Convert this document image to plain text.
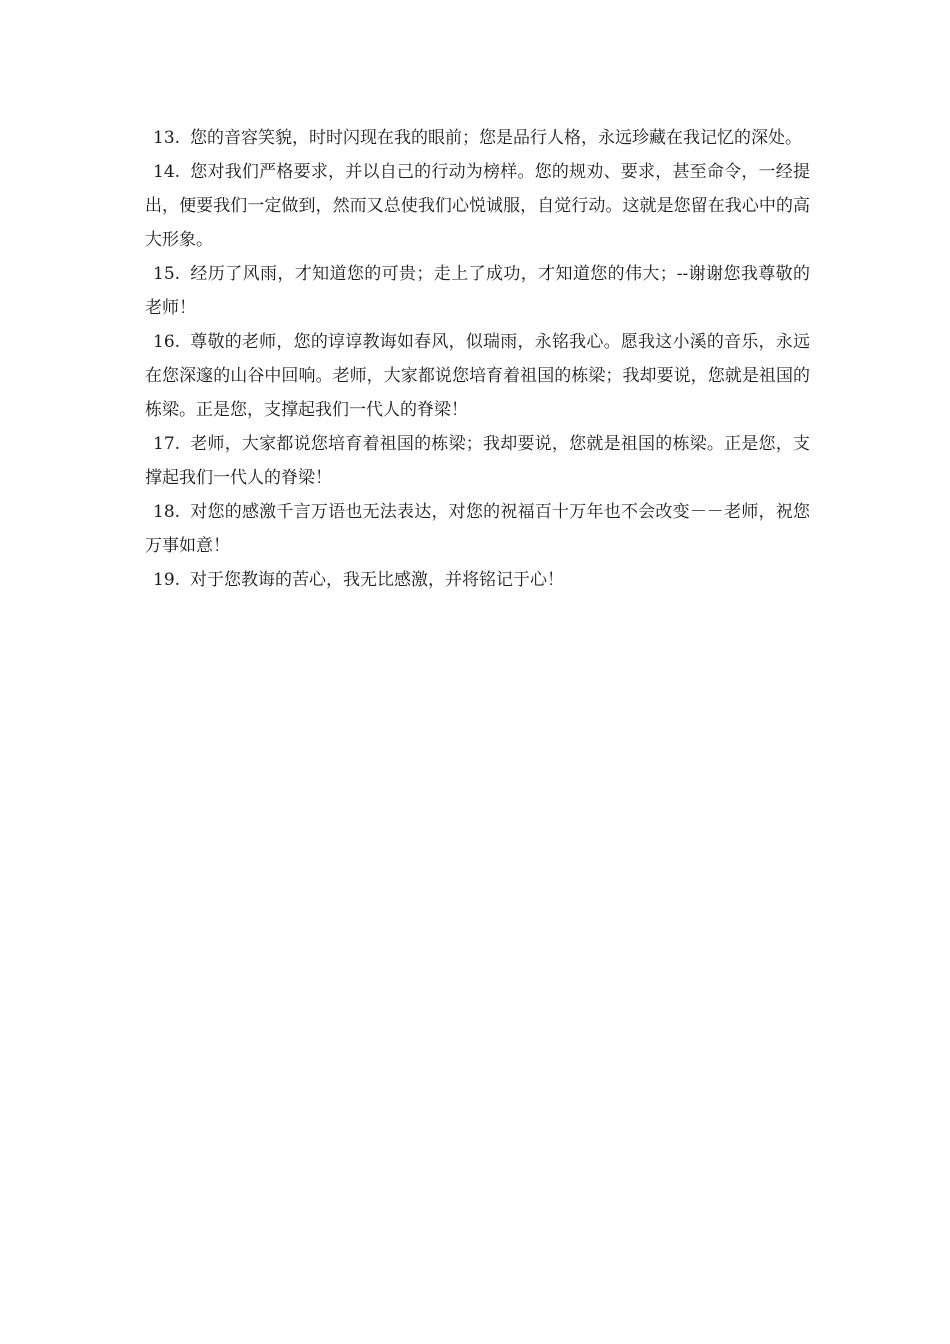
13. 您的音容笑貌，时时闪现在我的眼前；您是品行人格，永远珍藏在我记忆的深处。

14. 您对我们严格要求，并以自己的行动为榜样。您的规劝、要求，甚至命令，一经提出，便要我们一定做到，然而又总使我们心悦诚服，自觉行动。这就是您留在我心中的高大形象。

15. 经历了风雨，才知道您的可贵；走上了成功，才知道您的伟大；--谢谢您我尊敬的老师！

16. 尊敬的老师，您的谆谆教诲如春风，似瑞雨，永铭我心。愿我这小溪的音乐，永远在您深邃的山谷中回响。老师，大家都说您培育着祖国的栋梁；我却要说，您就是祖国的栋梁。正是您，支撑起我们一代人的脊梁！

17. 老师，大家都说您培育着祖国的栋梁；我却要说，您就是祖国的栋梁。正是您，支撑起我们一代人的脊梁！

18. 对您的感激千言万语也无法表达，对您的祝福百十万年也不会改变－－老师，祝您万事如意！

19. 对于您教诲的苦心，我无比感激，并将铭记于心！
